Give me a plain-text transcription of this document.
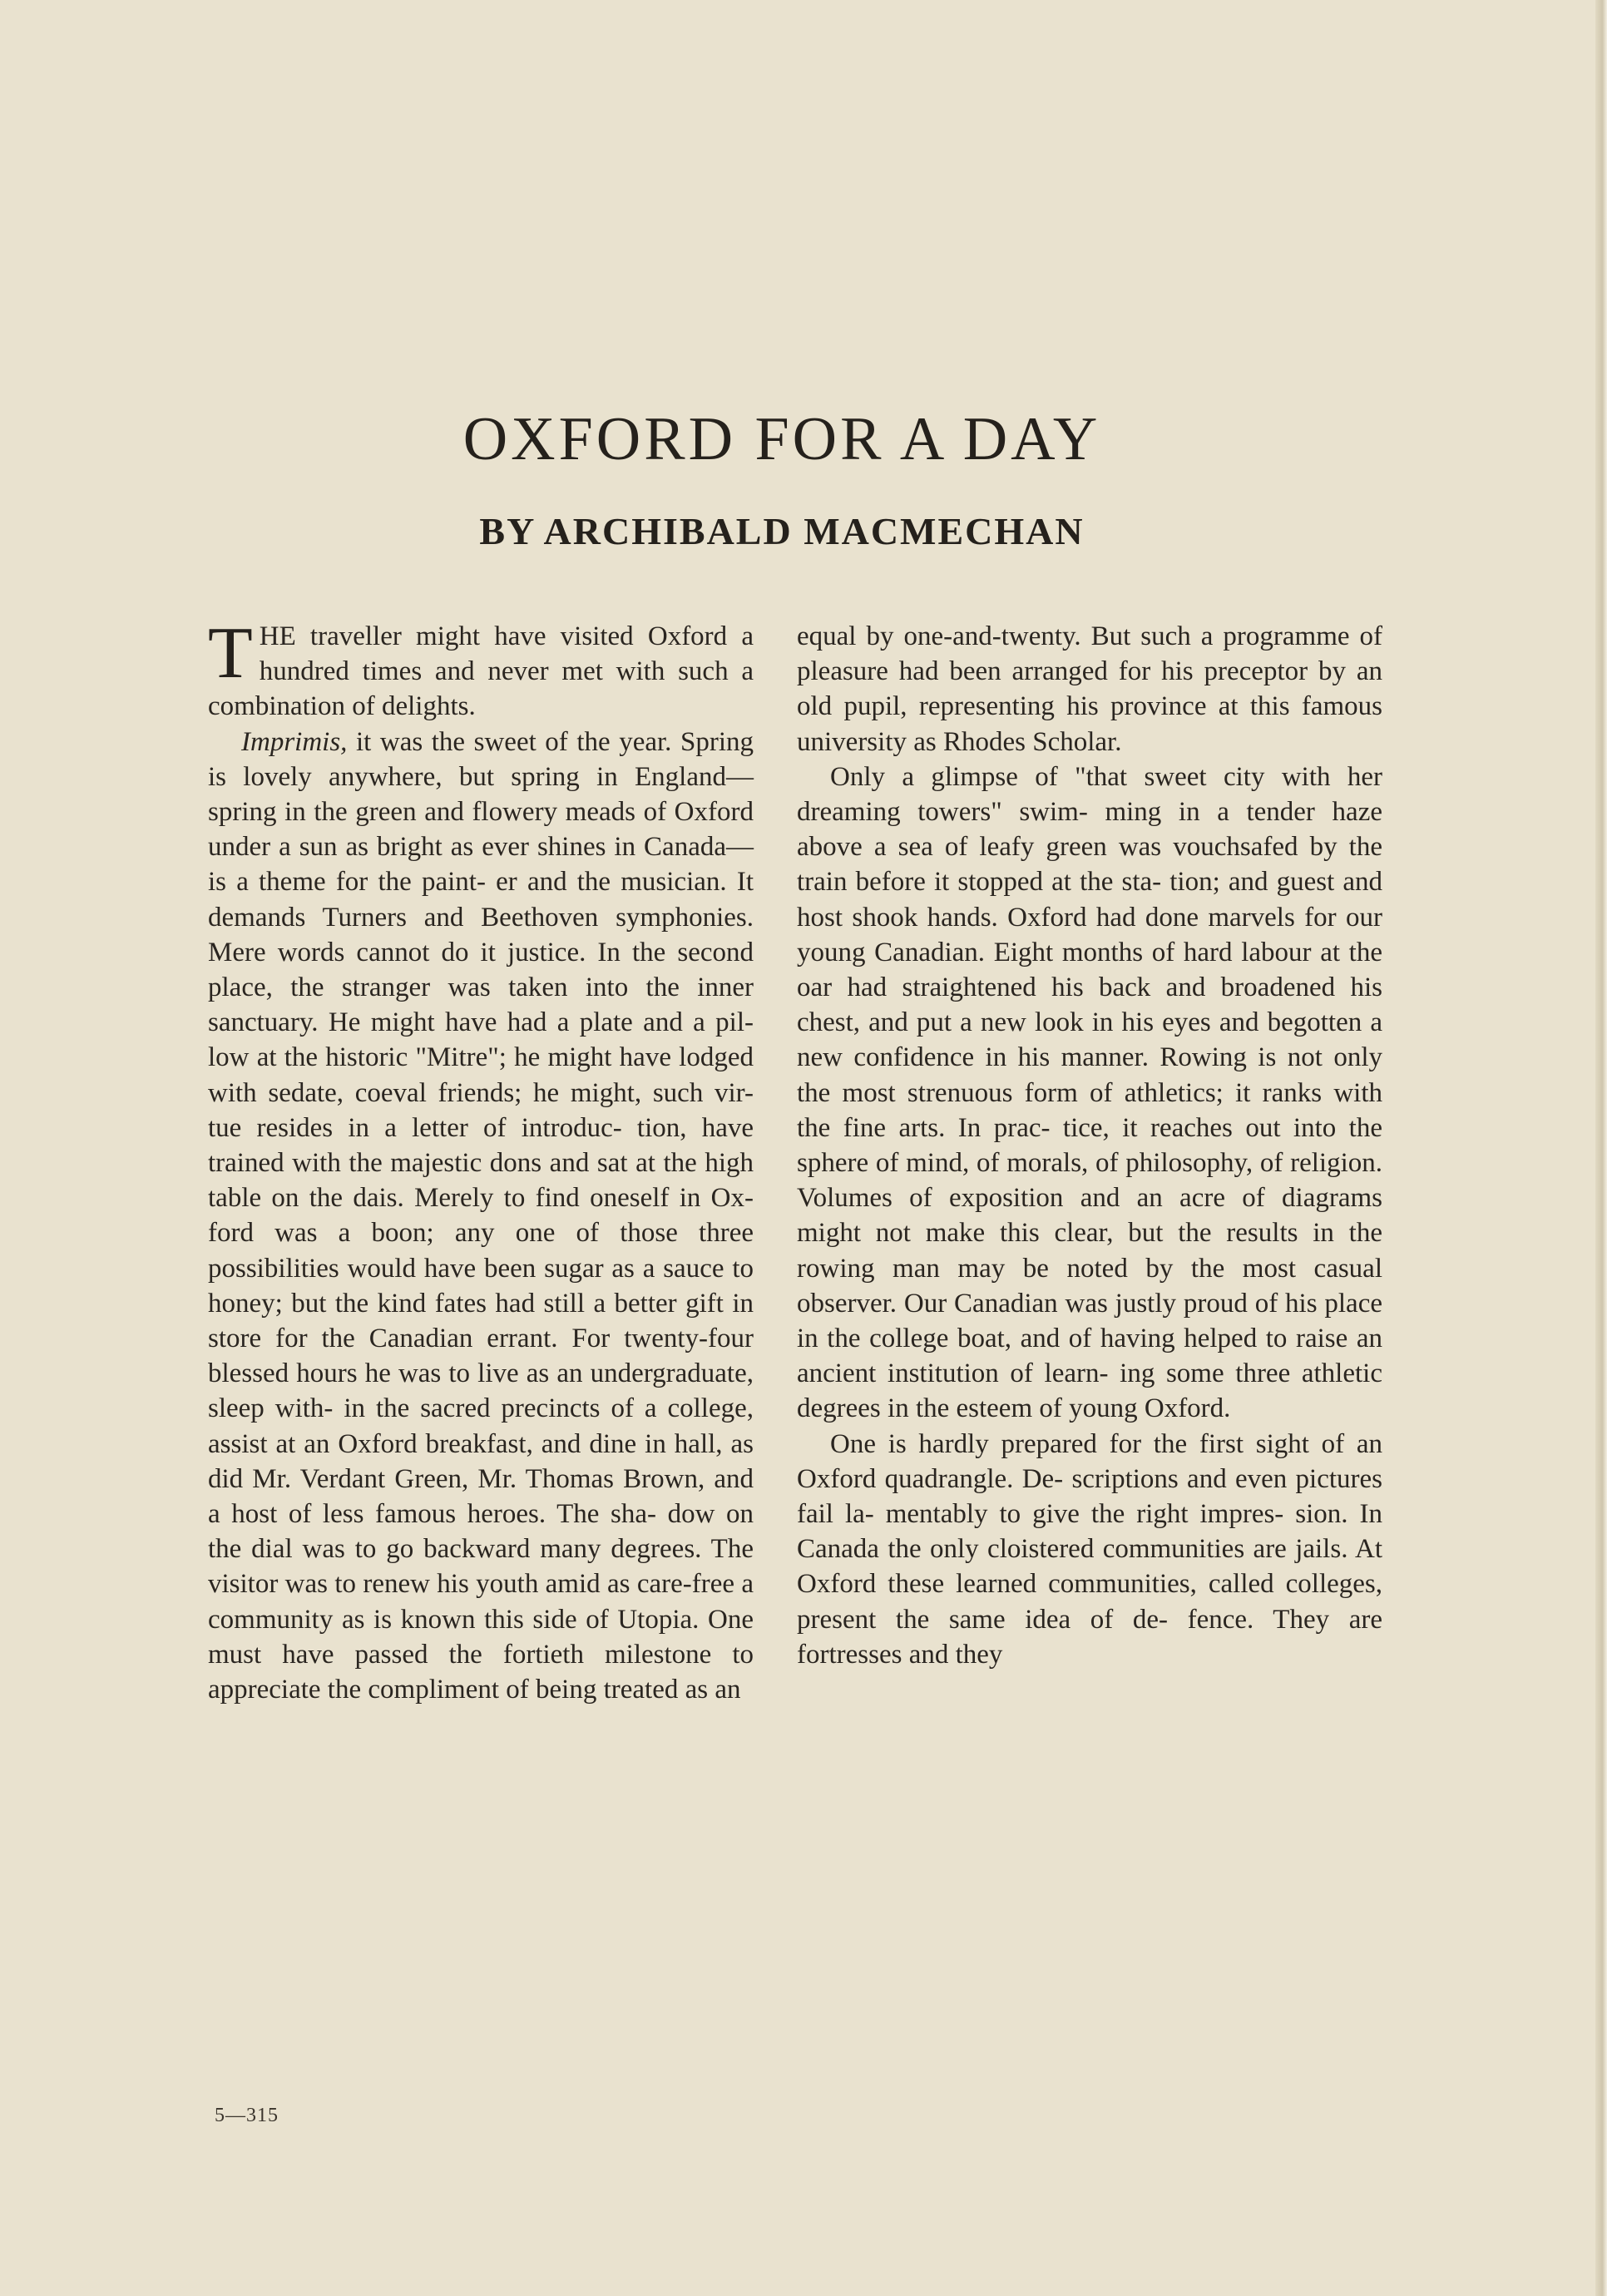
OXFORD FOR A DAY
BY ARCHIBALD MACMECHAN

THE traveller might have visited Oxford a hundred times and never met with such a combination of delights.

Imprimis, it was the sweet of the year. Spring is lovely anywhere, but spring in England—spring in the green and flowery meads of Oxford under a sun as bright as ever shines in Canada—is a theme for the paint- er and the musician. It demands Turners and Beethoven symphonies. Mere words cannot do it justice. In the second place, the stranger was taken into the inner sanctuary. He might have had a plate and a pil- low at the historic "Mitre"; he might have lodged with sedate, coeval friends; he might, such vir- tue resides in a letter of introduc- tion, have trained with the majestic dons and sat at the high table on the dais. Merely to find oneself in Ox- ford was a boon; any one of those three possibilities would have been sugar as a sauce to honey; but the kind fates had still a better gift in store for the Canadian errant. For twenty-four blessed hours he was to live as an undergraduate, sleep with- in the sacred precincts of a college, assist at an Oxford breakfast, and dine in hall, as did Mr. Verdant Green, Mr. Thomas Brown, and a host of less famous heroes. The sha- dow on the dial was to go backward many degrees. The visitor was to renew his youth amid as care-free a community as is known this side of Utopia. One must have passed the fortieth milestone to appreciate the compliment of being treated as an

equal by one-and-twenty. But such a programme of pleasure had been arranged for his preceptor by an old pupil, representing his province at this famous university as Rhodes Scholar.

Only a glimpse of "that sweet city with her dreaming towers" swim- ming in a tender haze above a sea of leafy green was vouchsafed by the train before it stopped at the sta- tion; and guest and host shook hands. Oxford had done marvels for our young Canadian. Eight months of hard labour at the oar had straightened his back and broadened his chest, and put a new look in his eyes and begotten a new confidence in his manner. Rowing is not only the most strenuous form of athletics; it ranks with the fine arts. In prac- tice, it reaches out into the sphere of mind, of morals, of philosophy, of religion. Volumes of exposition and an acre of diagrams might not make this clear, but the results in the rowing man may be noted by the most casual observer. Our Canadian was justly proud of his place in the college boat, and of having helped to raise an ancient institution of learn- ing some three athletic degrees in the esteem of young Oxford.

One is hardly prepared for the first sight of an Oxford quadrangle. De- scriptions and even pictures fail la- mentably to give the right impres- sion. In Canada the only cloistered communities are jails. At Oxford these learned communities, called colleges, present the same idea of de- fence. They are fortresses and they

5—315
